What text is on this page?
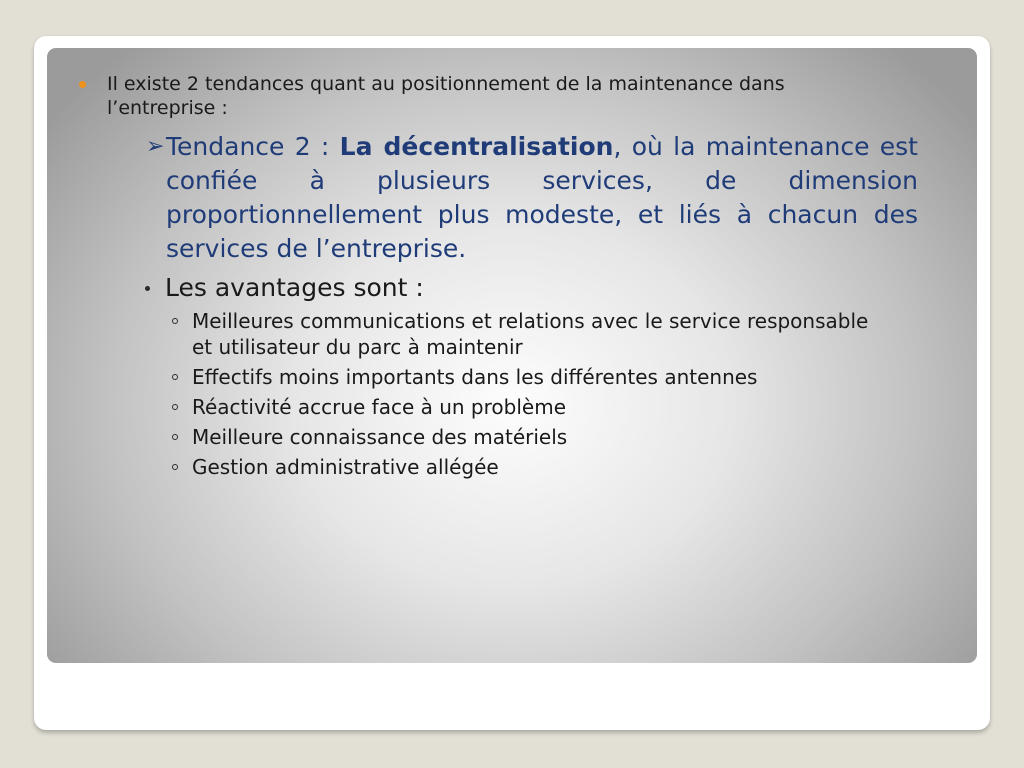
Il existe 2 tendances quant au positionnement de la maintenance dans l’entreprise :
➢ Tendance 2 : La décentralisation, où la maintenance est confiée à plusieurs services, de dimension proportionnellement plus modeste, et liés à chacun des services de l’entreprise.
Les avantages sont :
Meilleures communications et relations avec le service responsable et utilisateur du parc à maintenir
Effectifs moins importants dans les différentes antennes
Réactivité accrue face à un problème
Meilleure connaissance des matériels
Gestion administrative allégée
